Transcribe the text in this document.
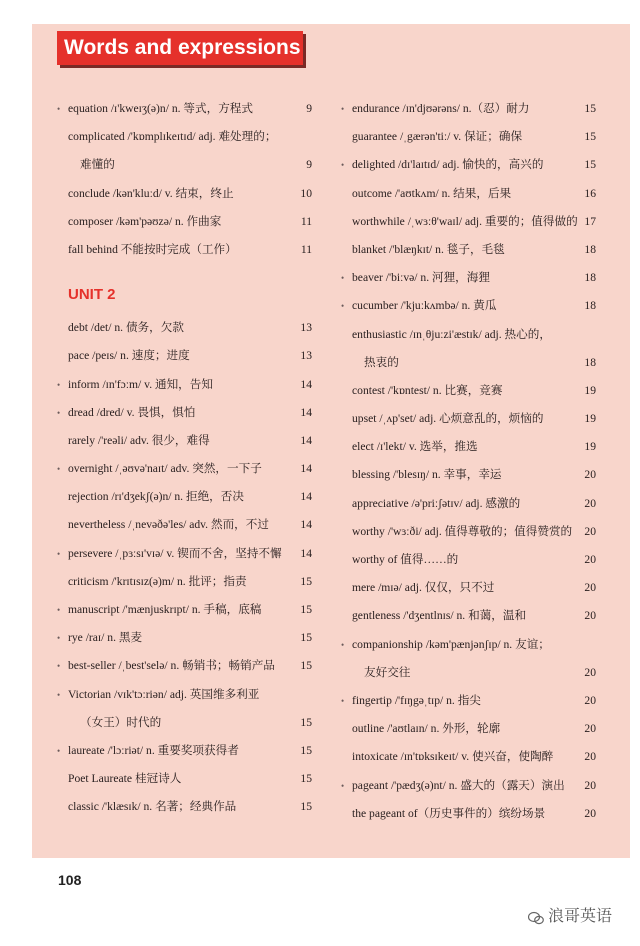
Words and expressions
• equation /ɪ'kweɪʒ(ə)n/ n. 等式，方程式	9
complicated /'kɒmplɪkeɪtɪd/ adj. 难处理的；
难懂的	9
conclude /kən'kluːd/ v. 结束，终止	10
composer /kəm'pəʊzə/ n. 作曲家	11
fall behind 不能按时完成（工作）	11
UNIT 2
debt /det/ n. 债务，欠款	13
pace /peɪs/ n. 速度；进度	13
• inform /ɪn'fɔːm/ v. 通知，告知	14
• dread /dred/ v. 畏惧，惧怕	14
rarely /'reəli/ adv. 很少，难得	14
• overnight /ˌəʊvə'naɪt/ adv. 突然，一下子	14
rejection /rɪ'dʒekʃ(ə)n/ n. 拒绝，否决	14
nevertheless /ˌnevəðə'les/ adv. 然而，不过	14
• persevere /ˌpɜːsɪ'vɪə/ v. 锲而不舍，坚持不懈 14
criticism /'krɪtɪsɪz(ə)m/ n. 批评；指责	15
• manuscript /'mænjuskrɪpt/ n. 手稿，底稿	15
• rye /raɪ/ n. 黑麦	15
• best-seller /ˌbest'selə/ n. 畅销书；畅销产品 15
• Victorian /vɪk'tɔːriən/ adj. 英国维多利亚
（女王）时代的	15
• laureate /'lɔːriət/ n. 重要奖项获得者	15
Poet Laureate 桂冠诗人	15
classic /'klæsɪk/ n. 名著；经典作品	15
• endurance /ɪn'djʊərəns/ n.（忍）耐力	15
guarantee /ˌgærən'tiː/ v. 保证；确保	15
• delighted /dɪ'laɪtɪd/ adj. 愉快的，高兴的	15
outcome /'aʊtkʌm/ n. 结果，后果	16
worthwhile /ˌwɜːθ'waɪl/ adj. 重要的；值得做的 17
blanket /'blæŋkɪt/ n. 毯子，毛毯	18
• beaver /'biːvə/ n. 河狸，海狸	18
• cucumber /'kjuːkʌmbə/ n. 黄瓜	18
enthusiastic /ɪnˌθjuːzi'æstɪk/ adj. 热心的，
热衷的	18
contest /'kɒntest/ n. 比赛，竞赛	19
upset /ˌʌp'set/ adj. 心烦意乱的，烦恼的	19
elect /ɪ'lekt/ v. 选举，推选	19
blessing /'blesɪŋ/ n. 幸事，幸运	20
appreciative /ə'priːʃətɪv/ adj. 感激的	20
worthy /'wɜːði/ adj. 值得尊敬的；值得赞赏的 20
worthy of 值得……的	20
mere /mɪə/ adj. 仅仅，只不过	20
gentleness /'dʒentlnɪs/ n. 和蔼，温和	20
• companionship /kəm'pænjənʃɪp/ n. 友谊；
友好交往	20
• fingertip /'fɪŋgəˌtɪp/ n. 指尖	20
outline /'aʊtlaɪn/ n. 外形，轮廓	20
intoxicate /ɪn'tɒksɪkeɪt/ v. 使兴奋，使陶醉	20
• pageant /'pædʒ(ə)nt/ n. 盛大的（露天）演出 20
the pageant of（历史事件的）缤纷场景	20
108
浪哥英语
